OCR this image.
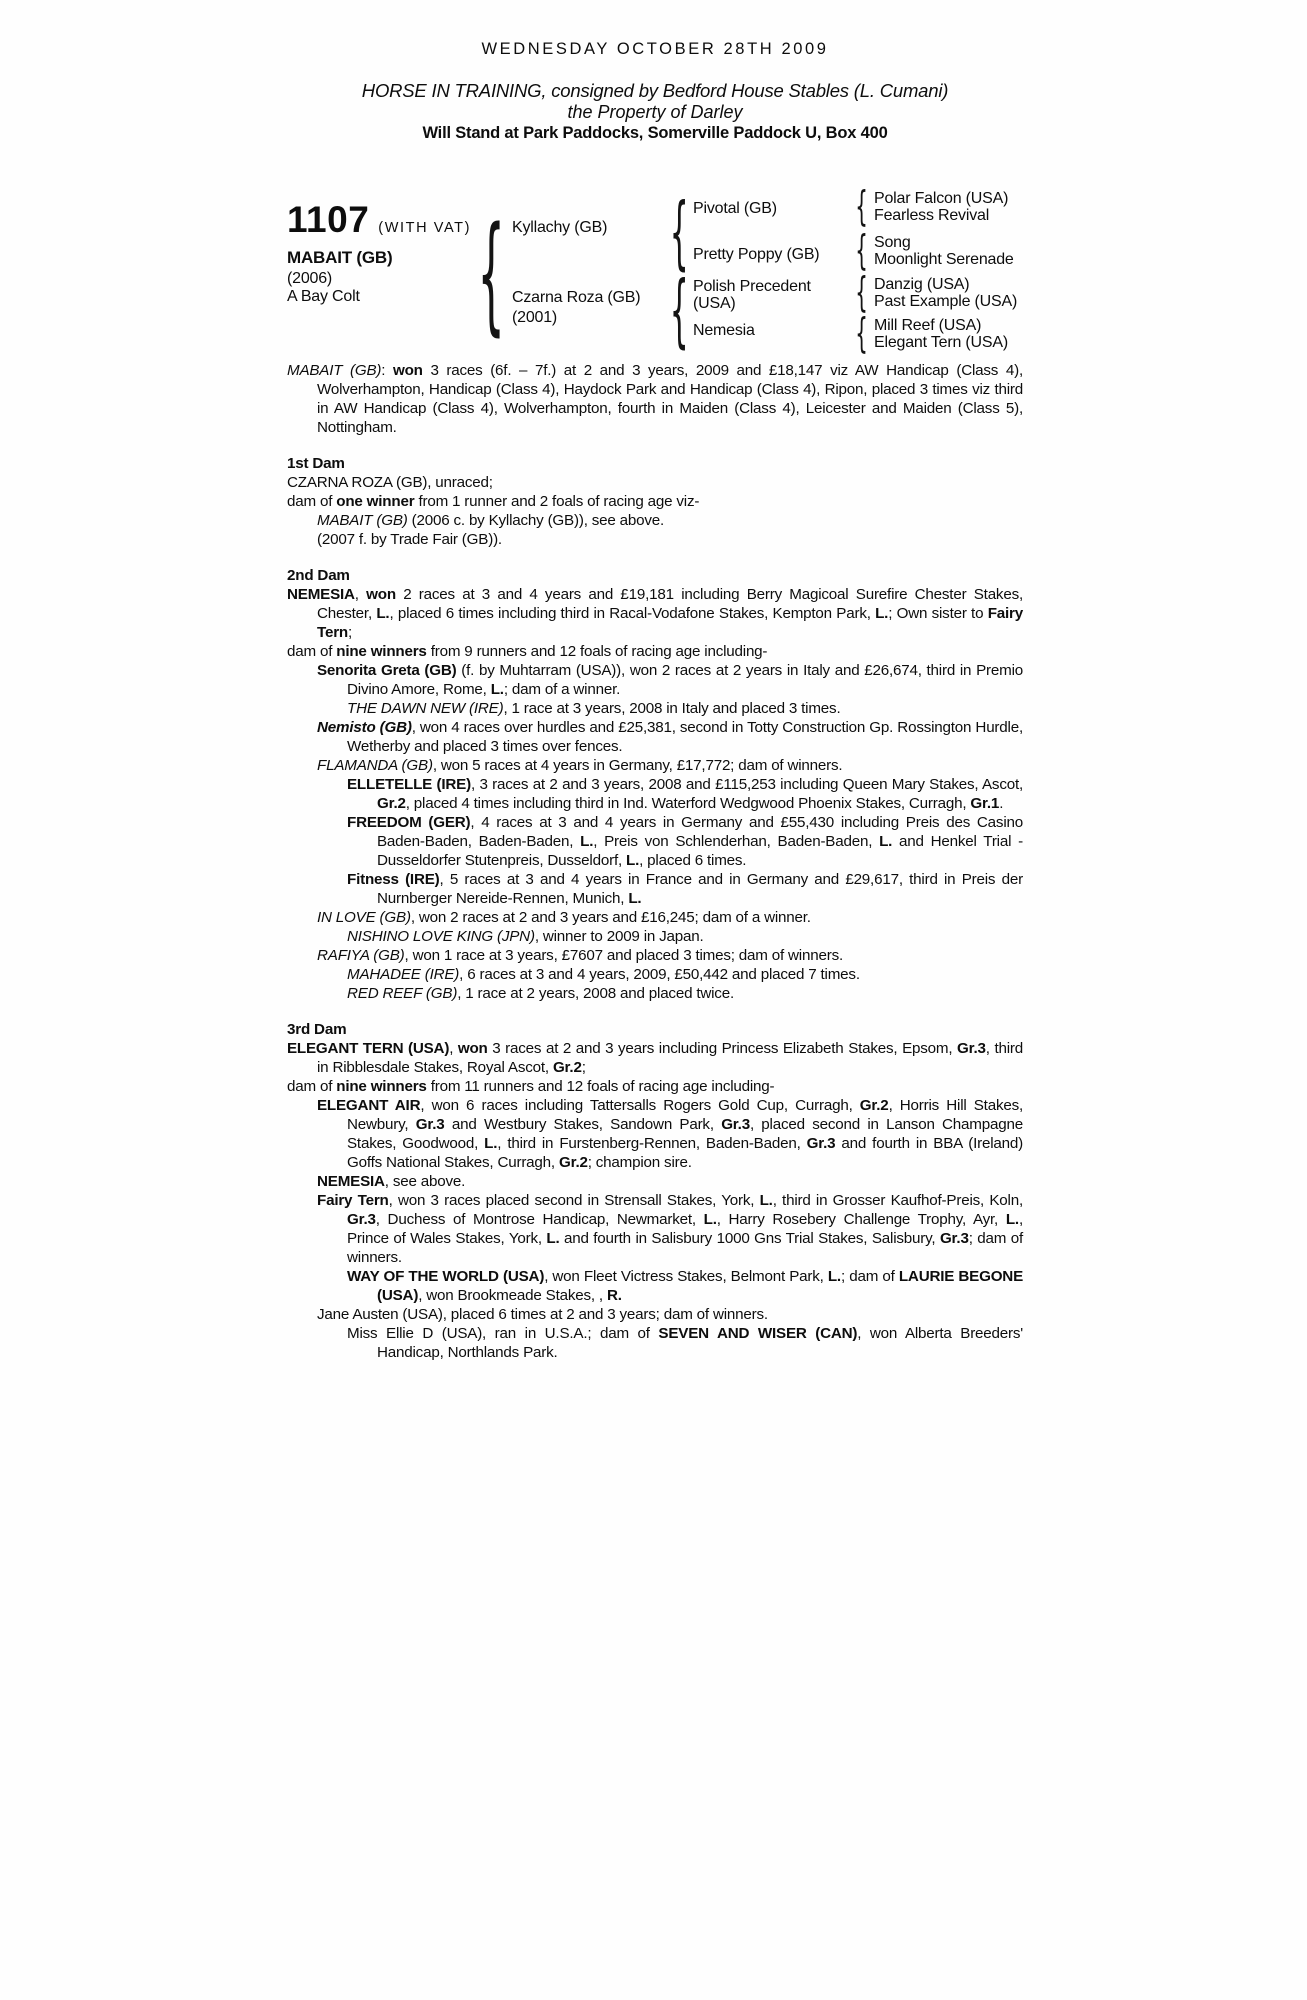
WEDNESDAY OCTOBER 28TH 2009
HORSE IN TRAINING, consigned by Bedford House Stables (L. Cumani)
the Property of Darley
Will Stand at Park Paddocks, Somerville Paddock U, Box 400
1107 (WITH VAT)
MABAIT (GB)
(2006)
A Bay Colt
{
Kyllachy (GB)
Czarna Roza (GB)
(2001)
{
{
Pivotal (GB)
Pretty Poppy (GB)
Polish Precedent
(USA)
Nemesia
{
{
{
{
Polar Falcon (USA)
Fearless Revival
Song
Moonlight Serenade
Danzig (USA)
Past Example (USA)
Mill Reef (USA)
Elegant Tern (USA)
MABAIT (GB): won 3 races (6f. – 7f.) at 2 and 3 years, 2009 and £18,147 viz AW Handicap (Class 4), Wolverhampton, Handicap (Class 4), Haydock Park and Handicap (Class 4), Ripon, placed 3 times viz third in AW Handicap (Class 4), Wolverhampton, fourth in Maiden (Class 4), Leicester and Maiden (Class 5), Nottingham.
1st Dam
CZARNA ROZA (GB), unraced;
dam of one winner from 1 runner and 2 foals of racing age viz-
MABAIT (GB) (2006 c. by Kyllachy (GB)), see above.
(2007 f. by Trade Fair (GB)).
2nd Dam
NEMESIA, won 2 races at 3 and 4 years and £19,181 including Berry Magicoal Surefire Chester Stakes, Chester, L., placed 6 times including third in Racal-Vodafone Stakes, Kempton Park, L.; Own sister to Fairy Tern;
dam of nine winners from 9 runners and 12 foals of racing age including-
Senorita Greta (GB) (f. by Muhtarram (USA)), won 2 races at 2 years in Italy and £26,674, third in Premio Divino Amore, Rome, L.; dam of a winner.
THE DAWN NEW (IRE), 1 race at 3 years, 2008 in Italy and placed 3 times.
Nemisto (GB), won 4 races over hurdles and £25,381, second in Totty Construction Gp. Rossington Hurdle, Wetherby and placed 3 times over fences.
FLAMANDA (GB), won 5 races at 4 years in Germany, £17,772; dam of winners.
ELLETELLE (IRE), 3 races at 2 and 3 years, 2008 and £115,253 including Queen Mary Stakes, Ascot, Gr.2, placed 4 times including third in Ind. Waterford Wedgwood Phoenix Stakes, Curragh, Gr.1.
FREEDOM (GER), 4 races at 3 and 4 years in Germany and £55,430 including Preis des Casino Baden-Baden, Baden-Baden, L., Preis von Schlenderhan, Baden-Baden, L. and Henkel Trial - Dusseldorfer Stutenpreis, Dusseldorf, L., placed 6 times.
Fitness (IRE), 5 races at 3 and 4 years in France and in Germany and £29,617, third in Preis der Nurnberger Nereide-Rennen, Munich, L.
IN LOVE (GB), won 2 races at 2 and 3 years and £16,245; dam of a winner.
NISHINO LOVE KING (JPN), winner to 2009 in Japan.
RAFIYA (GB), won 1 race at 3 years, £7607 and placed 3 times; dam of winners.
MAHADEE (IRE), 6 races at 3 and 4 years, 2009, £50,442 and placed 7 times.
RED REEF (GB), 1 race at 2 years, 2008 and placed twice.
3rd Dam
ELEGANT TERN (USA), won 3 races at 2 and 3 years including Princess Elizabeth Stakes, Epsom, Gr.3, third in Ribblesdale Stakes, Royal Ascot, Gr.2;
dam of nine winners from 11 runners and 12 foals of racing age including-
ELEGANT AIR, won 6 races including Tattersalls Rogers Gold Cup, Curragh, Gr.2, Horris Hill Stakes, Newbury, Gr.3 and Westbury Stakes, Sandown Park, Gr.3, placed second in Lanson Champagne Stakes, Goodwood, L., third in Furstenberg-Rennen, Baden-Baden, Gr.3 and fourth in BBA (Ireland) Goffs National Stakes, Curragh, Gr.2; champion sire.
NEMESIA, see above.
Fairy Tern, won 3 races placed second in Strensall Stakes, York, L., third in Grosser Kaufhof-Preis, Koln, Gr.3, Duchess of Montrose Handicap, Newmarket, L., Harry Rosebery Challenge Trophy, Ayr, L., Prince of Wales Stakes, York, L. and fourth in Salisbury 1000 Gns Trial Stakes, Salisbury, Gr.3; dam of winners.
WAY OF THE WORLD (USA), won Fleet Victress Stakes, Belmont Park, L.; dam of LAURIE BEGONE (USA), won Brookmeade Stakes, , R.
Jane Austen (USA), placed 6 times at 2 and 3 years; dam of winners.
Miss Ellie D (USA), ran in U.S.A.; dam of SEVEN AND WISER (CAN), won Alberta Breeders' Handicap, Northlands Park.
